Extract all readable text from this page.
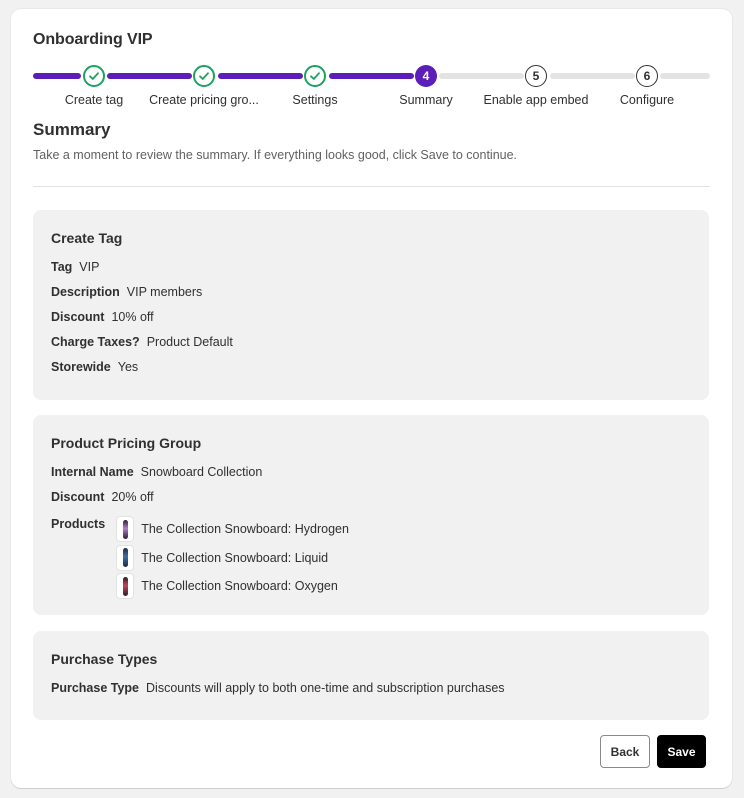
Onboarding VIP
Create tag	Create pricing gro...	Settings
4
Summary
5
Enable app embed
6
Configure
Summary
Take a moment to review the summary. If everything looks good, click Save to continue.
Create Tag
Tag VIP
Description VIP members
Discount 10% off
Charge Taxes? Product Default
Storewide Yes
Product Pricing Group
Internal Name Snowboard Collection
Discount 20% off
Products	The Collection Snowboard: Hydrogen
The Collection Snowboard: Liquid
The Collection Snowboard: Oxygen
Purchase Types
Purchase Type Discounts will apply to both one-time and subscription purchases
Back	Save
